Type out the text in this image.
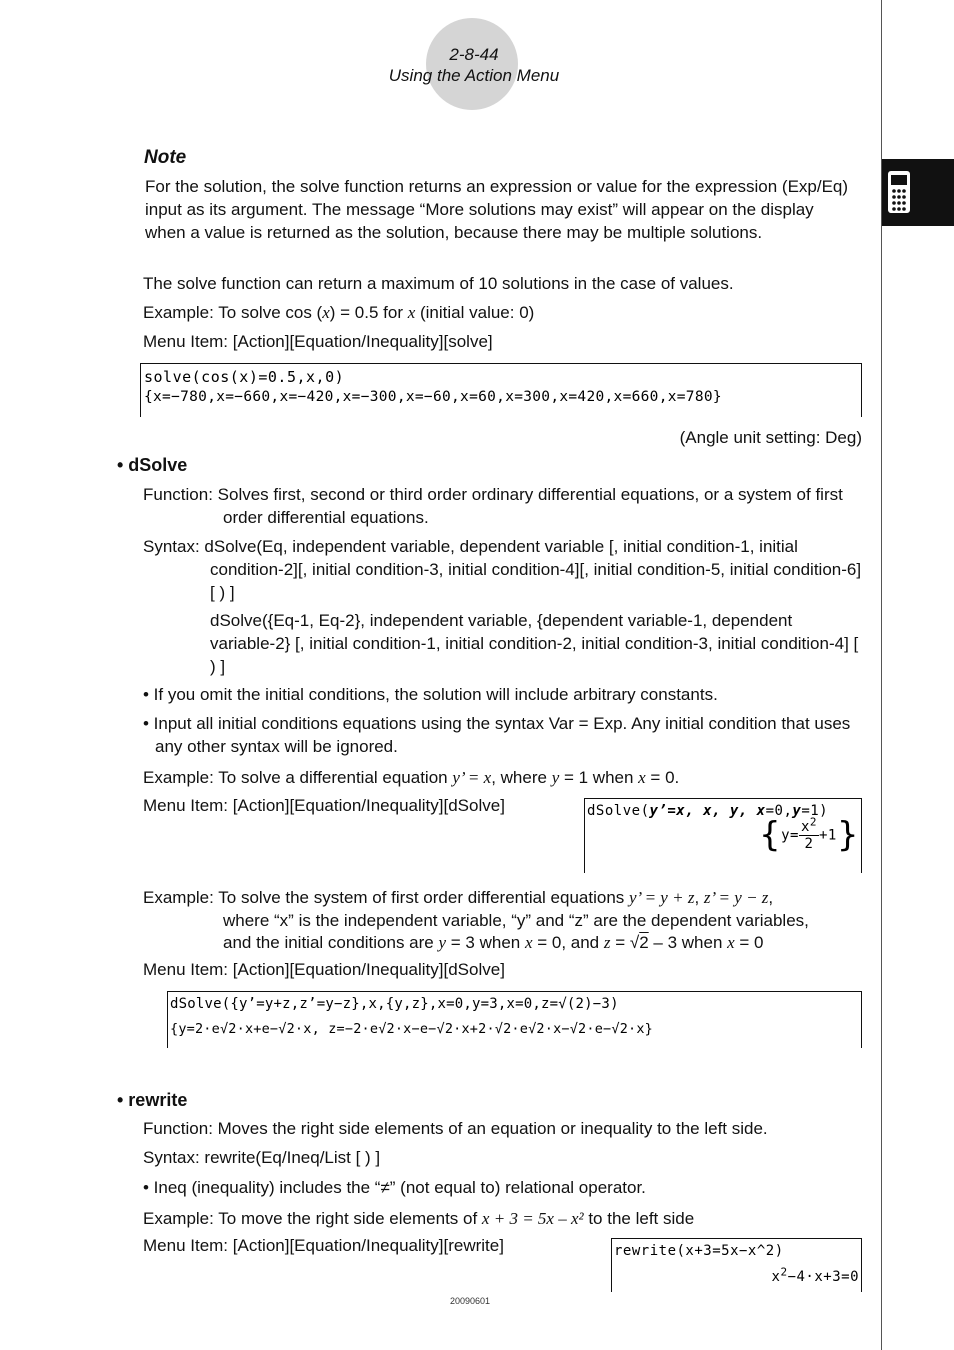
2-8-44
Using the Action Menu
Note
For the solution, the solve function returns an expression or value for the expression (Exp/Eq) input as its argument. The message “More solutions may exist” will appear on the display when a value is returned as the solution, because there may be multiple solutions.
The solve function can return a maximum of 10 solutions in the case of values.
Example: To solve cos (x) = 0.5 for x (initial value: 0)
Menu Item: [Action][Equation/Inequality][solve]
solve(cos(x)=0.5,x,0)
{x=−780,x=−660,x=−420,x=−300,x=−60,x=60,x=300,x=420,x=660,x=780}
(Angle unit setting: Deg)
• dSolve
Function: Solves first, second or third order ordinary differential equations, or a system of first order differential equations.
Syntax: dSolve(Eq, independent variable, dependent variable [, initial condition-1, initial condition-2][, initial condition-3, initial condition-4][, initial condition-5, initial condition-6] [ ) ]
dSolve({Eq-1, Eq-2}, independent variable, {dependent variable-1, dependent variable-2} [, initial condition-1, initial condition-2, initial condition-3, initial condition-4] [ ) ]
• If you omit the initial conditions, the solution will include arbitrary constants.
• Input all initial conditions equations using the syntax Var = Exp. Any initial condition that uses any other syntax will be ignored.
Example: To solve a differential equation y’ = x, where y = 1 when x = 0.
Menu Item: [Action][Equation/Inequality][dSolve]	dSolve(y’=x, x, y, x=0,y=1)
$\{y= \frac{x^2}{2} +1\}$
Example: To solve the system of first order differential equations y’ = y + z, z’ = y − z,
where “x” is the independent variable, “y” and “z” are the dependent variables,
and the initial conditions are y = 3 when x = 0, and z = √2 – 3 when x = 0
Menu Item: [Action][Equation/Inequality][dSolve]
dSolve({y’=y+z,z’=y−z},x,{y,z},x=0,y=3,x=0,z=√(2)−3)
{y=2·e√2·x+e−√2·x, z=−2·e√2·x−e−√2·x+2·√2·e√2·x−√2·e−√2·x}
• rewrite
Function: Moves the right side elements of an equation or inequality to the left side.
Syntax: rewrite(Eq/Ineq/List [ ) ]
• Ineq (inequality) includes the “≠” (not equal to) relational operator.
Example: To move the right side elements of x + 3 = 5x – x² to the left side
Menu Item: [Action][Equation/Inequality][rewrite]	rewrite(x+3=5x−x^2)
$x^2-4\cdot x+3=0$
20090601
